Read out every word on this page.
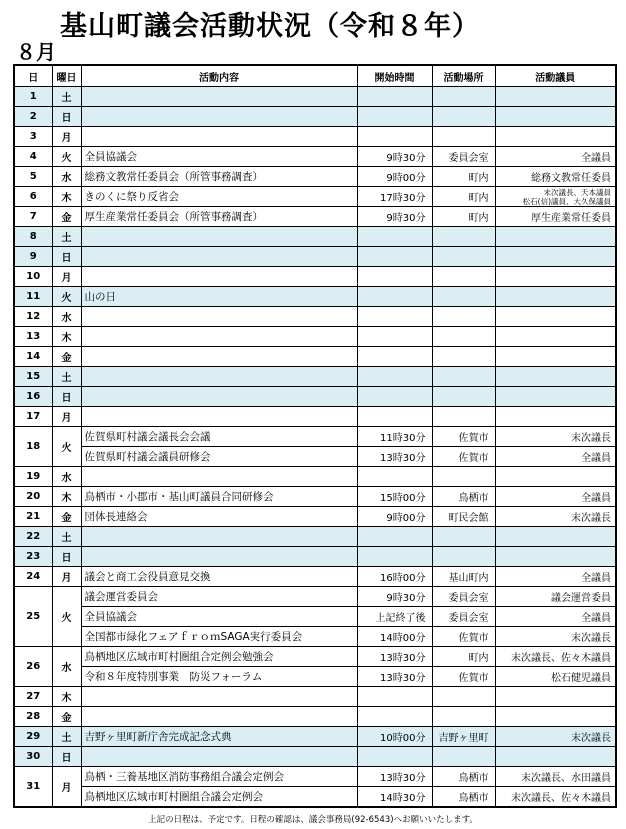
基山町議会活動状況（令和８年）
８月
日	曜日	活動内容	開始時間	活動場所	活動議員
1	土				
2	日				
3	月				
4	火	全員協議会	9時30分	委員会室	全議員
5	水	総務文教常任委員会（所管事務調査）	9時00分	町内	総務文教常任委員
6	木	きのくに祭り反省会	17時30分	町内	末次議長、天本議員
松石(信)議員、大久保議員

7	金	厚生産業常任委員会（所管事務調査）	9時30分	町内	厚生産業常任委員
8	土				
9	日				
10	月				
11	火	山の日			
12	水				
13	木				
14	金				
15	土				
16	日				
17	月				
18	火	佐賀県町村議会議長会会議	11時30分	佐賀市	末次議長
		佐賀県町村議会議員研修会	13時30分	佐賀市	全議員
19	水				
20	木	鳥栖市・小郡市・基山町議員合同研修会	15時00分	鳥栖市	全議員
21	金	団体長連絡会	9時00分	町民会館	末次議長
22	土				
23	日				
24	月	議会と商工会役員意見交換	16時00分	基山町内	全議員
25	火	議会運営委員会	9時30分	委員会室	議会運営委員
		全員協議会	上記終了後	委員会室	全議員
		全国都市緑化フェアｆｒｏｍSAGA実行委員会	14時00分	佐賀市	末次議長
26	水	鳥栖地区広域市町村圏組合定例会勉強会	13時30分	町内	末次議長、佐々木議員
		令和８年度特別事業　防災フォーラム	13時30分	佐賀市	松石健児議員
27	木				
28	金				
29	土	吉野ヶ里町新庁舎完成記念式典	10時00分	吉野ヶ里町	末次議長
30	日				
31	月	鳥栖・三養基地区消防事務組合議会定例会	13時30分	鳥栖市	末次議長、水田議員
		鳥栖地区広域市町村圏組合議会定例会	14時30分	鳥栖市	末次議長、佐々木議員
上記の日程は、予定です。日程の確認は、議会事務局(92-6543)へお願いいたします。
